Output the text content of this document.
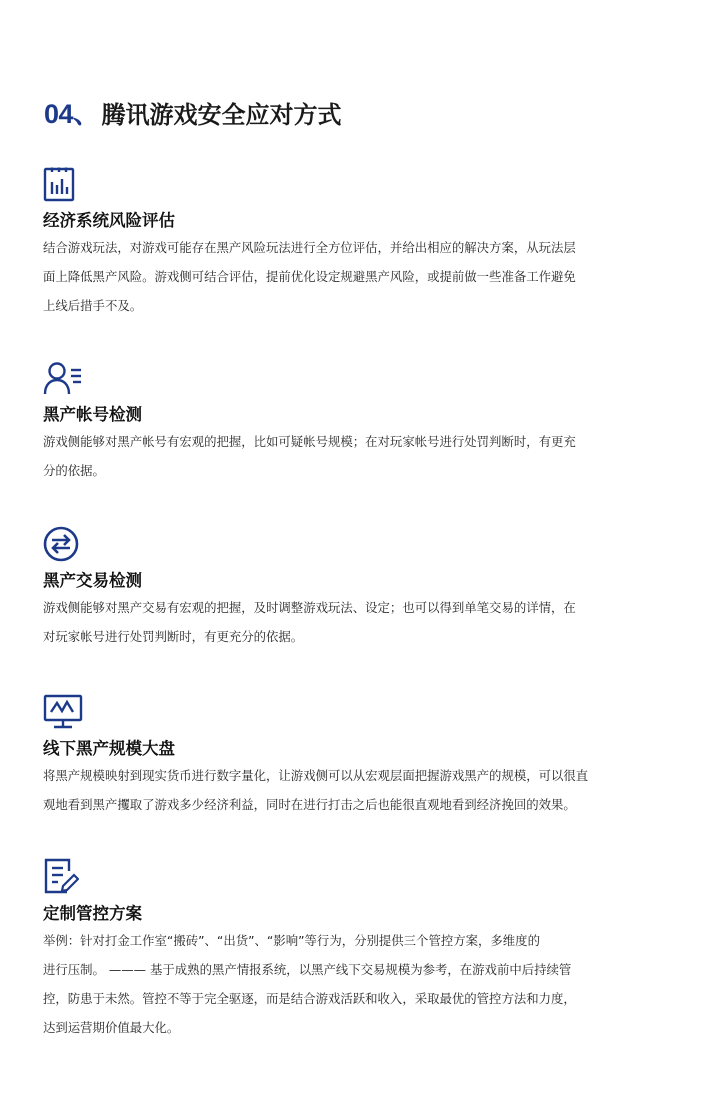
04、 腾讯游戏安全应对方式
经济系统风险评估
结合游戏玩法，对游戏可能存在黑产风险玩法进行全方位评估，并给出相应的解决方案，从玩法层
面上降低黑产风险。游戏侧可结合评估，提前优化设定规避黑产风险，或提前做一些准备工作避免
上线后措手不及。
黑产帐号检测
游戏侧能够对黑产帐号有宏观的把握，比如可疑帐号规模；在对玩家帐号进行处罚判断时，有更充
分的依据。
黑产交易检测
游戏侧能够对黑产交易有宏观的把握，及时调整游戏玩法、设定；也可以得到单笔交易的详情，在
对玩家帐号进行处罚判断时，有更充分的依据。
线下黑产规模大盘
将黑产规模映射到现实货币进行数字量化，让游戏侧可以从宏观层面把握游戏黑产的规模，可以很直
观地看到黑产攫取了游戏多少经济利益，同时在进行打击之后也能很直观地看到经济挽回的效果。
定制管控方案
举例：针对打金工作室“搬砖”、“出货”、“影响”等行为，分别提供三个管控方案，多维度的
进行压制。 ——— 基于成熟的黑产情报系统，以黑产线下交易规模为参考，在游戏前中后持续管
控，防患于未然。管控不等于完全驱逐，而是结合游戏活跃和收入，采取最优的管控方法和力度，
达到运营期价值最大化。
